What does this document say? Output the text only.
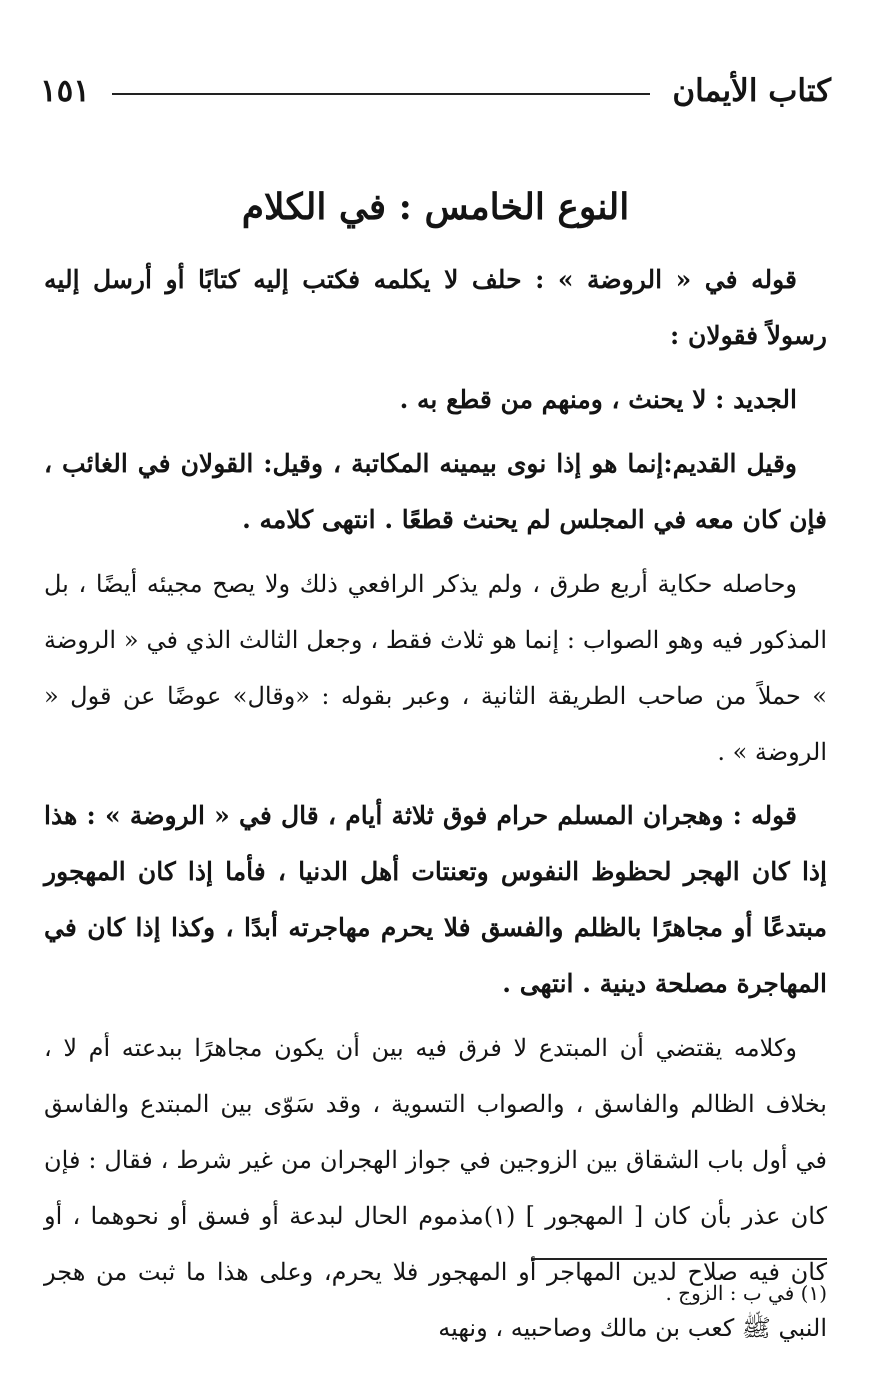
كتاب الأيمان
١٥١
النوع الخامس : في الكلام

قوله في « الروضة » : حلف لا يكلمه فكتب إليه كتابًا أو أرسل إليه رسولاً فقولان :

الجديد : لا يحنث ، ومنهم من قطع به .

وقيل القديم:إنما هو إذا نوى بيمينه المكاتبة ، وقيل: القولان في الغائب ، فإن كان معه في المجلس لم يحنث قطعًا . انتهى كلامه .

وحاصله حكاية أربع طرق ، ولم يذكر الرافعي ذلك ولا يصح مجيئه أيضًا ، بل المذكور فيه وهو الصواب : إنما هو ثلاث فقط ، وجعل الثالث الذي في « الروضة » حملاً من صاحب الطريقة الثانية ، وعبر بقوله : «وقال» عوضًا عن قول « الروضة » .

قوله : وهجران المسلم حرام فوق ثلاثة أيام ، قال في « الروضة » : هذا إذا كان الهجر لحظوظ النفوس وتعنتات أهل الدنيا ، فأما إذا كان المهجور مبتدعًا أو مجاهرًا بالظلم والفسق فلا يحرم مهاجرته أبدًا ، وكذا إذا كان في المهاجرة مصلحة دينية . انتهى .

وكلامه يقتضي أن المبتدع لا فرق فيه بين أن يكون مجاهرًا ببدعته أم لا ، بخلاف الظالم والفاسق ، والصواب التسوية ، وقد سَوّى بين المبتدع والفاسق في أول باب الشقاق بين الزوجين في جواز الهجران من غير شرط ، فقال : فإن كان عذر بأن كان [ المهجور ] (١)مذموم الحال لبدعة أو فسق أو نحوهما ، أو كان فيه صلاح لدين المهاجر أو المهجور فلا يحرم، وعلى هذا ما ثبت من هجر النبي ﷺ كعب بن مالك وصاحبيه ، ونهيه

(١) في ب : الزوج .
